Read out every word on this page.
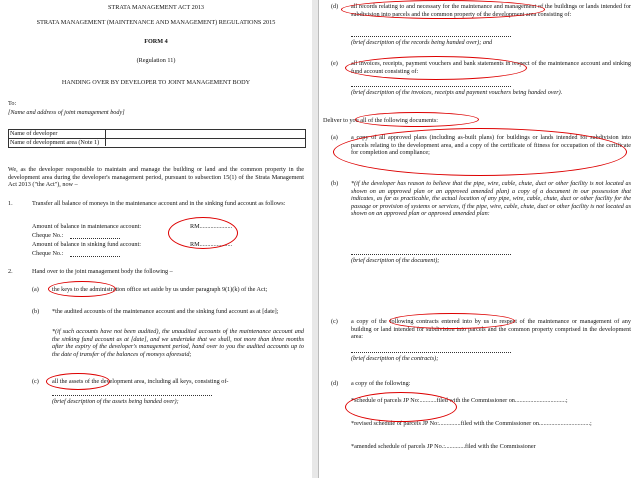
STRATA MANAGEMENT ACT 2013
STRATA MANAGEMENT (MAINTENANCE AND MANAGEMENT) REGULATIONS 2015
FORM 4
(Regulation 11)
HANDING OVER BY DEVELOPER TO JOINT MANAGEMENT BODY
To:
[Name and address of joint management body]
Name of developer
Name of development area (Note 1)
We, as the developer responsible to maintain and manage the building or land and the common property in the development area during the developer's management period, pursuant to subsection 15(1) of the Strata Management Act 2013 ("the Act"), now –
1.	Transfer all balance of moneys in the maintenance account and in the sinking fund account as follows:
Amount of balance in maintenance account:	RM.....................
Cheque No.:
Amount of balance in sinking fund account:	RM.....................
Cheque No.:
2.	Hand over to the joint management body the following –
(a) the keys to the administration office set aside by us under paragraph 9(1)(k) of the Act;
(b) *the audited accounts of the maintenance account and the sinking fund account as at [date];
*(if such accounts have not been audited), the unaudited accounts of the maintenance account and the sinking fund account as at [date], and we undertake that we shall, not more than three months after the expiry of the developer's management period, hand over to you the audited accounts up to the date of transfer of the balances of moneys aforesaid;
(c) all the assets of the development area, including all keys, consisting of-
(brief description of the assets being handed over);
(d) all records relating to and necessary for the maintenance and management of the buildings or lands intended for subdivision into parcels and the common property of the development area consisting of:
(brief description of the records being handed over); and
(e) all invoices, receipts, payment vouchers and bank statements in respect of the maintenance account and sinking fund account consisting of:
(brief description of the invoices, receipts and payment vouchers being handed over).
Deliver to you all of the following documents:
(a) a copy of all approved plans (including as-built plans) for buildings or lands intended for subdivision into parcels relating to the development area, and a copy of the certificate of fitness for occupation of the certificate for completion and compliance;
(b) *(if the developer has reason to believe that the pipe, wire, cable, chute, duct or other facility is not located as shown on an approved plan or an approved amended plan) a copy of a document in our possession that indicates, as far as practicable, the actual location of any pipe, wire, cable, chute, duct or other facility for the passage or provision of systems or services, if the pipe, wire, cable, chute, duct or other facility is not located as shown on an approved plan or approved amended plan:
(brief description of the document);
(c) a copy of the following contracts entered into by us in respect of the maintenance or management of any building or land intended for subdivision into parcels and the common property comprised in the development area:
(brief description of the contracts);
(d) a copy of the following:
*schedule of parcels JP No:...........filed with the Commissioner on.................................;
*revised schedule of parcels JP No:..............filed with the Commissioner on.................................;
*amended schedule of parcels JP No.:.............filed with the Commissioner
